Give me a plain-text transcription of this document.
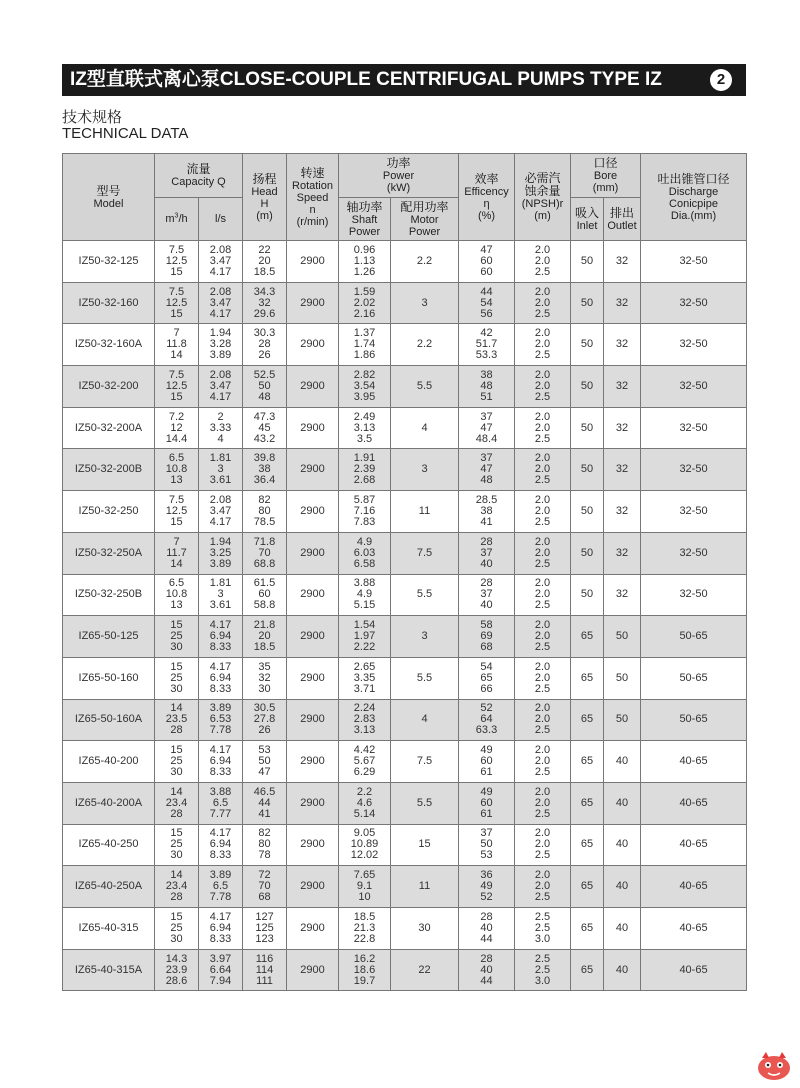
IZ型直联式离心泵CLOSE-COUPLE CENTRIFUGAL PUMPS TYPE IZ	2
技术规格
TECHNICAL DATA
型号
Model	流量
Capacity Q		扬程
Head
H
(m)	转速
Rotation
Speed
n
(r/min)	功率
Power
(kW)		效率
Efficency
η
(%)	必需汽
蚀余量
(NPSH)r
(m)	口径
Bore
(mm)		吐出锥管口径
Discharge
Conicpipe
Dia.(mm)

	$m^3/h$	l/s			轴功率
Shaft
Power	配用功率
Motor
Power			吸入
Inlet	排出
Outlet	

IZ50-32-125	7.5
12.5
15	2.08
3.47
4.17	22
20
18.5	2900	0.96
1.13
1.26	2.2	47
60
60	2.0
2.0
2.5	50	32	32-50
IZ50-32-160	7.5
12.5
15	2.08
3.47
4.17	34.3
32
29.6	2900	1.59
2.02
2.16	3	44
54
56	2.0
2.0
2.5	50	32	32-50
IZ50-32-160A	7
11.8
14	1.94
3.28
3.89	30.3
28
26	2900	1.37
1.74
1.86	2.2	42
51.7
53.3	2.0
2.0
2.5	50	32	32-50
IZ50-32-200	7.5
12.5
15	2.08
3.47
4.17	52.5
50
48	2900	2.82
3.54
3.95	5.5	38
48
51	2.0
2.0
2.5	50	32	32-50
IZ50-32-200A	7.2
12
14.4	2
3.33
4	47.3
45
43.2	2900	2.49
3.13
3.5	4	37
47
48.4	2.0
2.0
2.5	50	32	32-50
IZ50-32-200B	6.5
10.8
13	1.81
3
3.61	39.8
38
36.4	2900	1.91
2.39
2.68	3	37
47
48	2.0
2.0
2.5	50	32	32-50
IZ50-32-250	7.5
12.5
15	2.08
3.47
4.17	82
80
78.5	2900	5.87
7.16
7.83	11	28.5
38
41	2.0
2.0
2.5	50	32	32-50
IZ50-32-250A	7
11.7
14	1.94
3.25
3.89	71.8
70
68.8	2900	4.9
6.03
6.58	7.5	28
37
40	2.0
2.0
2.5	50	32	32-50
IZ50-32-250B	6.5
10.8
13	1.81
3
3.61	61.5
60
58.8	2900	3.88
4.9
5.15	5.5	28
37
40	2.0
2.0
2.5	50	32	32-50
IZ65-50-125	15
25
30	4.17
6.94
8.33	21.8
20
18.5	2900	1.54
1.97
2.22	3	58
69
68	2.0
2.0
2.5	65	50	50-65
IZ65-50-160	15
25
30	4.17
6.94
8.33	35
32
30	2900	2.65
3.35
3.71	5.5	54
65
66	2.0
2.0
2.5	65	50	50-65
IZ65-50-160A	14
23.5
28	3.89
6.53
7.78	30.5
27.8
26	2900	2.24
2.83
3.13	4	52
64
63.3	2.0
2.0
2.5	65	50	50-65
IZ65-40-200	15
25
30	4.17
6.94
8.33	53
50
47	2900	4.42
5.67
6.29	7.5	49
60
61	2.0
2.0
2.5	65	40	40-65
IZ65-40-200A	14
23.4
28	3.88
6.5
7.77	46.5
44
41	2900	2.2
4.6
5.14	5.5	49
60
61	2.0
2.0
2.5	65	40	40-65
IZ65-40-250	15
25
30	4.17
6.94
8.33	82
80
78	2900	9.05
10.89
12.02	15	37
50
53	2.0
2.0
2.5	65	40	40-65
IZ65-40-250A	14
23.4
28	3.89
6.5
7.78	72
70
68	2900	7.65
9.1
10	11	36
49
52	2.0
2.0
2.5	65	40	40-65
IZ65-40-315	15
25
30	4.17
6.94
8.33	127
125
123	2900	18.5
21.3
22.8	30	28
40
44	2.5
2.5
3.0	65	40	40-65
IZ65-40-315A	14.3
23.9
28.6	3.97
6.64
7.94	116
114
111	2900	16.2
18.6
19.7	22	28
40
44	2.5
2.5
3.0	65	40	40-65
